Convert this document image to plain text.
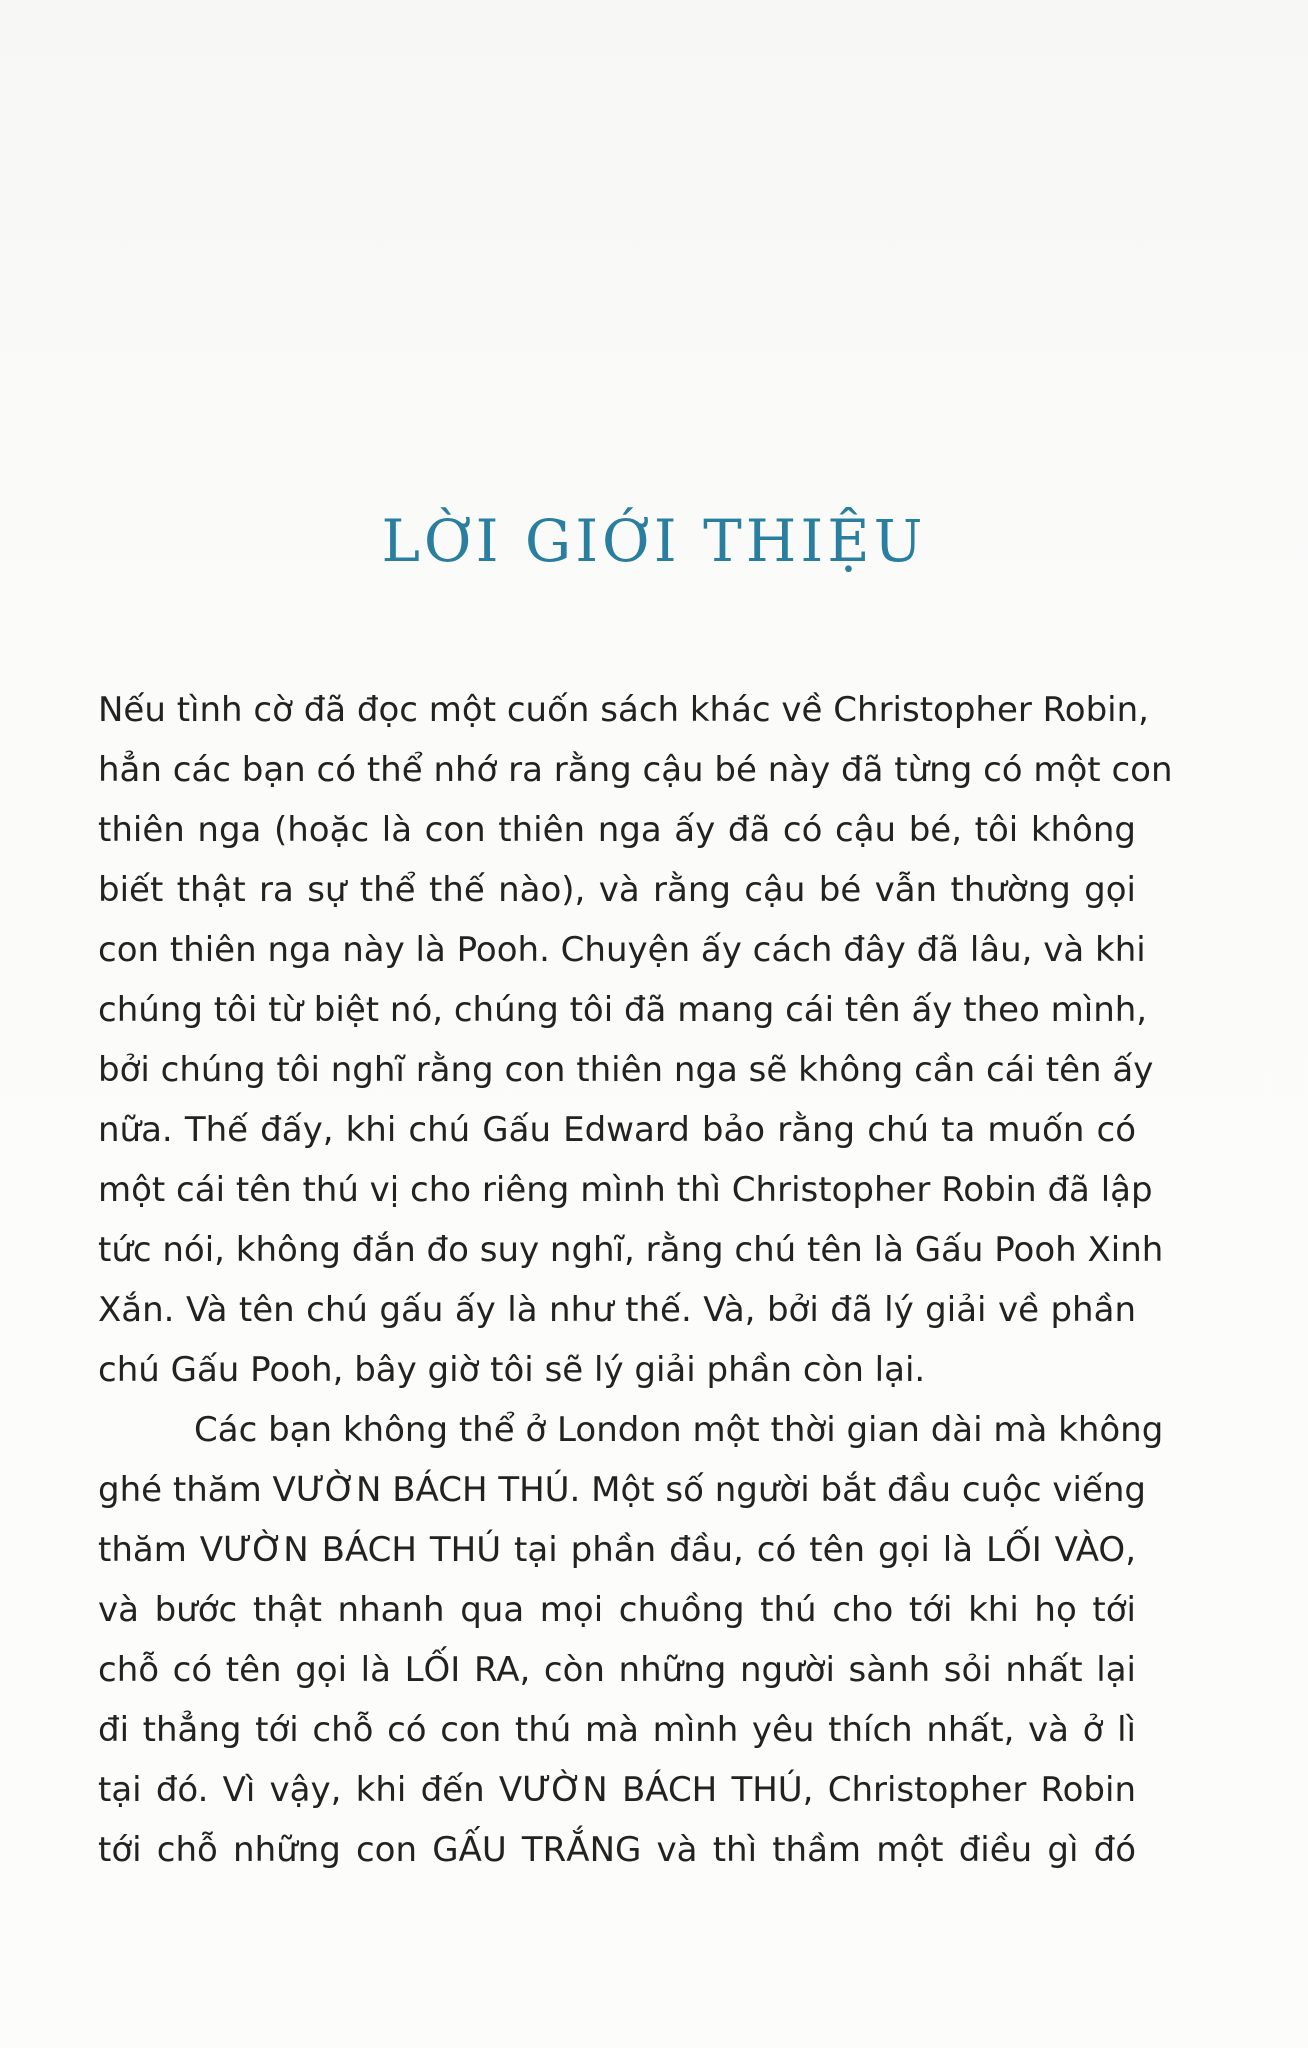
LỜI GIỚI THIỆU
Nếu tình cờ đã đọc một cuốn sách khác về Christopher Robin,
hẳn các bạn có thể nhớ ra rằng cậu bé này đã từng có một con
thiên nga (hoặc là con thiên nga ấy đã có cậu bé, tôi không
biết thật ra sự thể thế nào), và rằng cậu bé vẫn thường gọi
con thiên nga này là Pooh. Chuyện ấy cách đây đã lâu, và khi
chúng tôi từ biệt nó, chúng tôi đã mang cái tên ấy theo mình,
bởi chúng tôi nghĩ rằng con thiên nga sẽ không cần cái tên ấy
nữa. Thế đấy, khi chú Gấu Edward bảo rằng chú ta muốn có
một cái tên thú vị cho riêng mình thì Christopher Robin đã lập
tức nói, không đắn đo suy nghĩ, rằng chú tên là Gấu Pooh Xinh
Xắn. Và tên chú gấu ấy là như thế. Và, bởi đã lý giải về phần
chú Gấu Pooh, bây giờ tôi sẽ lý giải phần còn lại.
Các bạn không thể ở London một thời gian dài mà không
ghé thăm VƯỜN BÁCH THÚ. Một số người bắt đầu cuộc viếng
thăm VƯỜN BÁCH THÚ tại phần đầu, có tên gọi là LỐI VÀO,
và bước thật nhanh qua mọi chuồng thú cho tới khi họ tới
chỗ có tên gọi là LỐI RA, còn những người sành sỏi nhất lại
đi thẳng tới chỗ có con thú mà mình yêu thích nhất, và ở lì
tại đó. Vì vậy, khi đến VƯỜN BÁCH THÚ, Christopher Robin
tới chỗ những con GẤU TRẮNG và thì thầm một điều gì đó
